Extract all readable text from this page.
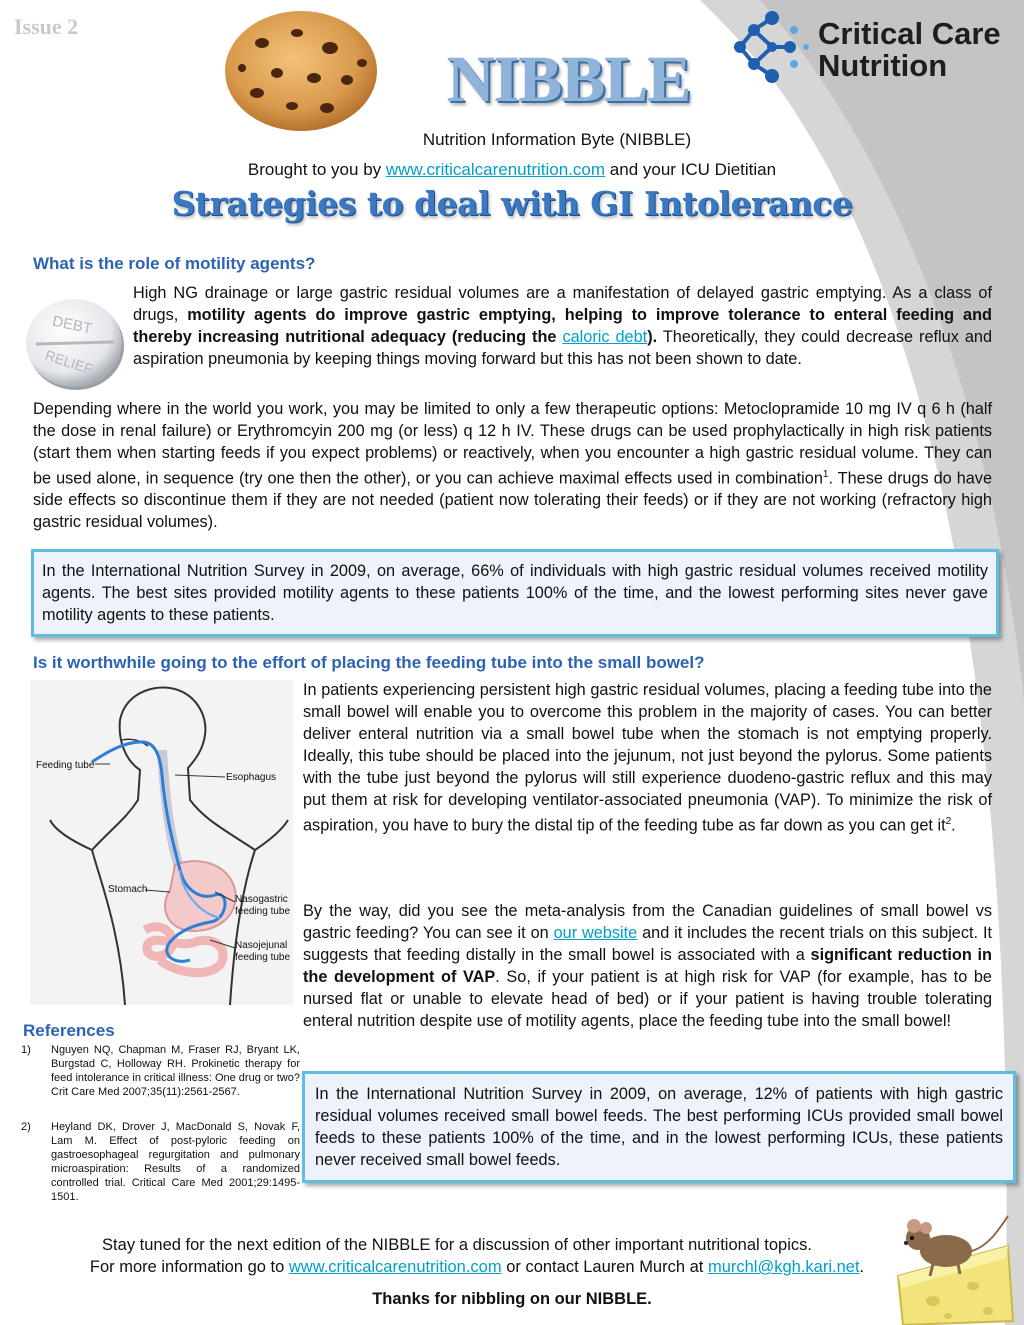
Issue 2
NIBBLE
Critical Care
Nutrition
Nutrition Information Byte (NIBBLE)
Brought to you by www.criticalcarenutrition.com and your ICU Dietitian
Strategies to deal with GI Intolerance
What is the role of motility agents?
DEBT
RELIEF
High NG drainage or large gastric residual volumes are a manifestation of delayed gastric emptying. As a class of drugs, motility agents do improve gastric emptying, helping to improve tolerance to enteral feeding and thereby increasing nutritional adequacy (reducing the caloric debt). Theoretically, they could decrease reflux and aspiration pneumonia by keeping things moving forward but this has not been shown to date.
Depending where in the world you work, you may be limited to only a few therapeutic options: Metoclopramide 10 mg IV q 6 h (half the dose in renal failure) or Erythromcyin 200 mg (or less) q 12 h IV. These drugs can be used prophylactically in high risk patients (start them when starting feeds if you expect problems) or reactively, when you encounter a high gastric residual volume. They can be used alone, in sequence (try one then the other), or you can achieve maximal effects used in combination$^1$. These drugs do have side effects so discontinue them if they are not needed (patient now tolerating their feeds) or if they are not working (refractory high gastric residual volumes).

In the International Nutrition Survey in 2009, on average, 66% of individuals with high gastric residual volumes received motility agents. The best sites provided motility agents to these patients 100% of the time, and the lowest performing sites never gave motility agents to these patients.

Is it worthwhile going to the effort of placing the feeding tube into the small bowel?
Feeding tube
Esophagus
Stomach
Nasogastric
feeding tube
Nasojejunal
feeding tube
In patients experiencing persistent high gastric residual volumes, placing a feeding tube into the small bowel will enable you to overcome this problem in the majority of cases. You can better deliver enteral nutrition via a small bowel tube when the stomach is not emptying properly. Ideally, this tube should be placed into the jejunum, not just beyond the pylorus. Some patients with the tube just beyond the pylorus will still experience duodeno-gastric reflux and this may put them at risk for developing ventilator-associated pneumonia (VAP). To minimize the risk of aspiration, you have to bury the distal tip of the feeding tube as far down as you can get $it^2$.
By the way, did you see the meta-analysis from the Canadian guidelines of small bowel vs gastric feeding? You can see it on our website and it includes the recent trials on this subject. It suggests that feeding distally in the small bowel is associated with a significant reduction in the development of VAP. So, if your patient is at high risk for VAP (for example, has to be nursed flat or unable to elevate head of bed) or if your patient is having trouble tolerating enteral nutrition despite use of motility agents, place the feeding tube into the small bowel!

In the International Nutrition Survey in 2009, on average, 12% of patients with high gastric residual volumes received small bowel feeds. The best performing ICUs provided small bowel feeds to these patients 100% of the time, and in the lowest performing ICUs, these patients never received small bowel feeds.

References
1) Nguyen NQ, Chapman M, Fraser RJ, Bryant LK, Burgstad C, Holloway RH. Prokinetic therapy for feed intolerance in critical illness: One drug or two? Crit Care Med 2007;35(11):2561-2567.
2) Heyland DK, Drover J, MacDonald S, Novak F, Lam M. Effect of post-pyloric feeding on gastroesophageal regurgitation and pulmonary microaspiration: Results of a randomized controlled trial. Critical Care Med 2001;29:1495-1501.
Stay tuned for the next edition of the NIBBLE for a discussion of other important nutritional topics.
For more information go to www.criticalcarenutrition.com or contact Lauren Murch at murchl@kgh.kari.net.
Thanks for nibbling on our NIBBLE.
